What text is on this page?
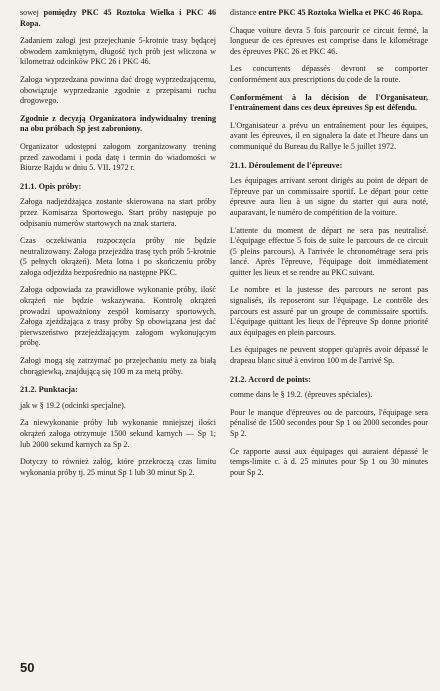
sowej pomiędzy PKC 45 Roztoka Wielka i PKC 46 Ropa.

Zadaniem załogi jest przejechanie 5-krotnie trasy będącej obwodem zamkniętym, długość tych prób jest wliczona w kilometraż odcinków PKC 26 i PKC 46.

Załoga wyprzedzana powinna dać drogę wyprzedzającemu, obowiązuje wyprzedzanie zgodnie z przepisami ruchu drogowego.

Zgodnie z decyzją Organizatora indywidualny trening na obu próbach Sp jest zabroniony.

Organizator udostępni załogom zorganizowany trening przed zawodami i poda datę i termin do wiadomości w Biurze Rajdu w dniu 5. VII. 1972 r.

21.1. Opis próby:

Załoga nadjeżdżająca zostanie skierowana na start próby przez Komisarza Sportowego. Start próby następuje po odpisaniu numerów startowych na znak startera.

Czas oczekiwania rozpoczęcia próby nie będzie neutralizowany. Załoga przejeżdża trasę tych prób 5-krotnie (5 pełnych okrążeń). Meta lotna i po skończeniu próby załoga odjeżdża bezpośrednio na następne PKC.

Załoga odpowiada za prawidłowe wykonanie próby, ilość okrążeń nie będzie wskazywana. Kontrolę okrążeń prowadzi upoważniony zespół komisarzy sportowych. Załoga zjeżdżająca z trasy próby Sp obowiązana jest dać pierwszeństwo przejeżdżającym załogom wykonującym próbę.

Załogi mogą się zatrzymać po przejechaniu mety za białą chorągiewką, znajdującą się 100 m za metą próby.

21.2. Punktacja:

jak w § 19.2 (odcinki specjalne).

Za niewykonanie próby lub wykonanie mniejszej ilości okrążeń załoga otrzymuje 1500 sekund karnych — Sp 1; lub 2000 sekund karnych za Sp 2.

Dotyczy to również załóg, które przekroczą czas limitu wykonania próby tj. 25 minut Sp 1 lub 30 minut Sp 2.

distance entre PKC 45 Roztoka Wielka et PKC 46 Ropa.

Chaque voiture devra 5 fois parcourir ce circuit fermé, la longueur de ces épreuves est comprise dans le kilométrage des épreuves PKC 26 et PKC 46.

Les concurrents dépassés devront se comporter conformément aux prescriptions du code de la route.

Conformément à la décision de l'Organisateur, l'entraînement dans ces deux épreuves Sp est défendu.

L'Organisateur a prévu un entraînement pour les équipes, avant les épreuves, il en signalera la date et l'heure dans un communiqué du Bureau du Rallye le 5 juillet 1972.

21.1. Déroulement de l'épreuve:

Les équipages arrivant seront dirigés au point de départ de l'épreuve par un commissaire sportif. Le départ pour cette épreuve aura lieu à un signe du starter qui aura noté, auparavant, le numéro de compétition de la voiture.

L'attente du moment de départ ne sera pas neutralisé. L'équipage effectue 5 fois de suite le parcours de ce circuit (5 pleins parcours). A l'arrivée le chronométrage sera pris lancé. Après l'épreuve, l'équipage doit immédiatement quitter les lieux et se rendre au PKC suivant.

Le nombre et la justesse des parcours ne seront pas signalisés, ils reposeront sur l'équipage. Le contrôle des parcours est assuré par un groupe de commissaire sportifs. L'équipage quittant les lieux de l'épreuve Sp donne priorité aux équipages en plein parcours.

Les équipages ne peuvent stopper qu'après avoir dépassé le drapeau blanc situé à environ 100 m de l'arrivé Sp.

21.2. Accord de points:

comme dans le § 19.2. (épreuves spéciales).

Pour le manque d'épreuves ou de parcours, l'équipage sera pénalisé de 1500 secondes pour Sp 1 ou 2000 secondes pour Sp 2.

Ce rapporte aussi aux équipages qui auraient dépassé le temps-limite c. à d. 25 minutes pour Sp 1 ou 30 minutes pour Sp 2.

50
